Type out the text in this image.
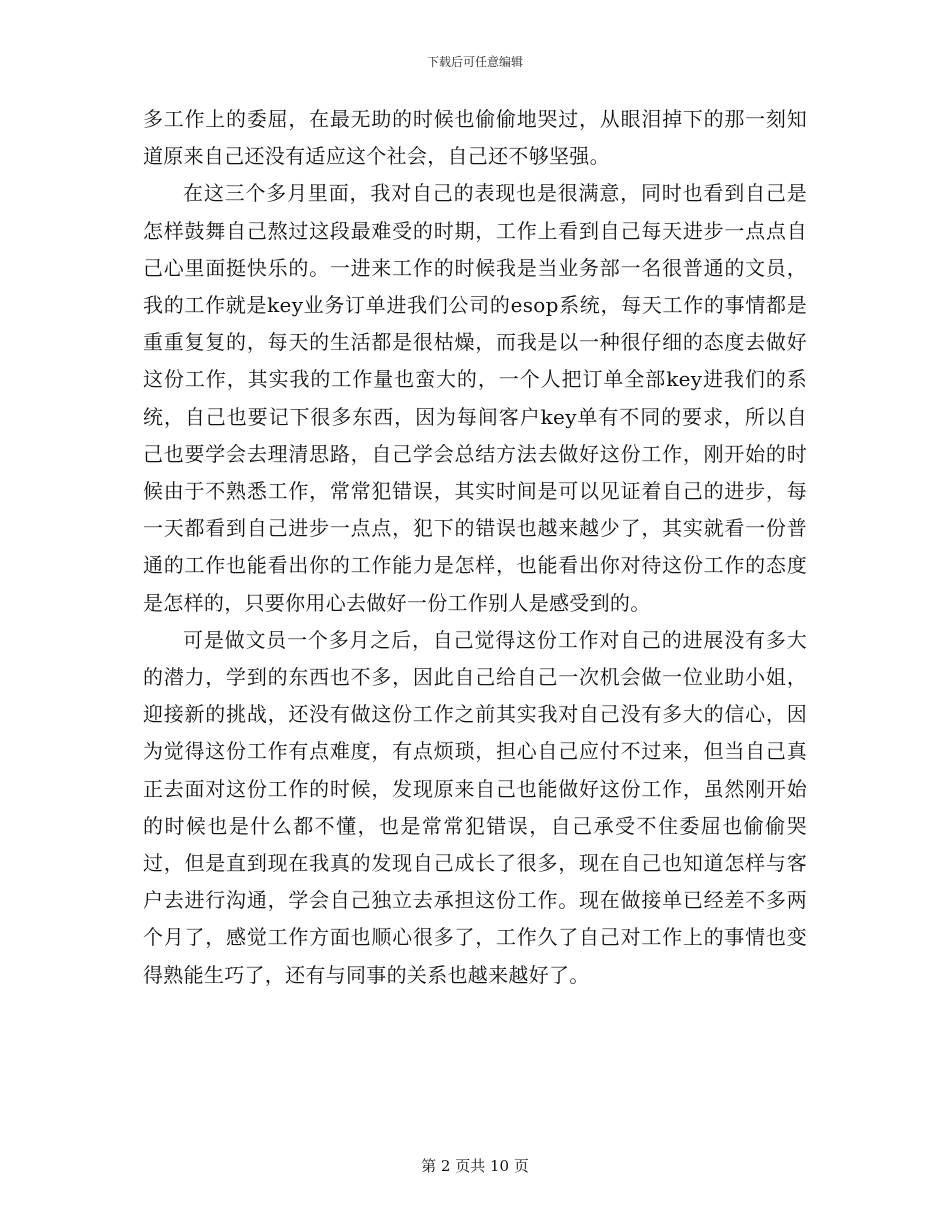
下载后可任意编辑

多工作上的委屈，在最无助的时候也偷偷地哭过，从眼泪掉下的那一刻知道原来自己还没有适应这个社会，自己还不够坚强。

在这三个多月里面，我对自己的表现也是很满意，同时也看到自己是怎样鼓舞自己熬过这段最难受的时期，工作上看到自己每天进步一点点自己心里面挺快乐的。一进来工作的时候我是当业务部一名很普通的文员，我的工作就是key业务订单进我们公司的esop系统，每天工作的事情都是重重复复的，每天的生活都是很枯燥，而我是以一种很仔细的态度去做好这份工作，其实我的工作量也蛮大的，一个人把订单全部key进我们的系统，自己也要记下很多东西，因为每间客户key单有不同的要求，所以自己也要学会去理清思路，自己学会总结方法去做好这份工作，刚开始的时候由于不熟悉工作，常常犯错误，其实时间是可以见证着自己的进步，每一天都看到自己进步一点点，犯下的错误也越来越少了，其实就看一份普通的工作也能看出你的工作能力是怎样，也能看出你对待这份工作的态度是怎样的，只要你用心去做好一份工作别人是感受到的。

可是做文员一个多月之后，自己觉得这份工作对自己的进展没有多大的潜力，学到的东西也不多，因此自己给自己一次机会做一位业助小姐，迎接新的挑战，还没有做这份工作之前其实我对自己没有多大的信心，因为觉得这份工作有点难度，有点烦琐，担心自己应付不过来，但当自己真正去面对这份工作的时候，发现原来自己也能做好这份工作，虽然刚开始的时候也是什么都不懂，也是常常犯错误，自己承受不住委屈也偷偷哭过，但是直到现在我真的发现自己成长了很多，现在自己也知道怎样与客户去进行沟通，学会自己独立去承担这份工作。现在做接单已经差不多两个月了，感觉工作方面也顺心很多了，工作久了自己对工作上的事情也变得熟能生巧了，还有与同事的关系也越来越好了。

第 2 页共 10 页
